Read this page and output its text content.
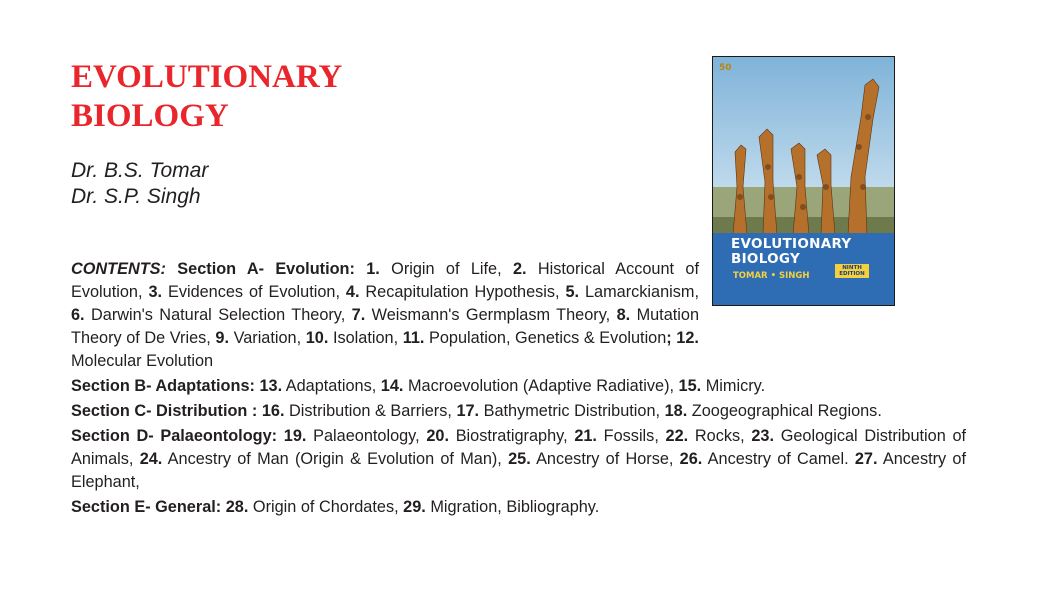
EVOLUTIONARY
BIOLOGY
Dr. B.S. Tomar
Dr. S.P. Singh
50
EVOLUTIONARY
BIOLOGY
TOMAR • SINGH
NINTH EDITION
CONTENTS: Section A- Evolution: 1. Origin of Life, 2. Historical Account of Evolution, 3. Evidences of Evolution, 4. Recapitulation Hypothesis, 5. Lamarckianism, 6. Darwin's Natural Selection Theory, 7. Weismann's Germplasm Theory, 8. Mutation Theory of De Vries, 9. Variation, 10. Isolation, 11. Population, Genetics & Evolution; 12. Molecular Evolution
Section B- Adaptations: 13. Adaptations, 14. Macroevolution (Adaptive Radiative), 15. Mimicry.
Section C- Distribution : 16. Distribution & Barriers, 17. Bathymetric Distribution, 18. Zoogeographical Regions.
Section D- Palaeontology: 19. Palaeontology, 20. Biostratigraphy, 21. Fossils, 22. Rocks, 23. Geological Distribution of Animals, 24. Ancestry of Man (Origin & Evolution of Man), 25. Ancestry of Horse, 26. Ancestry of Camel. 27. Ancestry of Elephant,
Section E- General: 28. Origin of Chordates, 29. Migration, Bibliography.
